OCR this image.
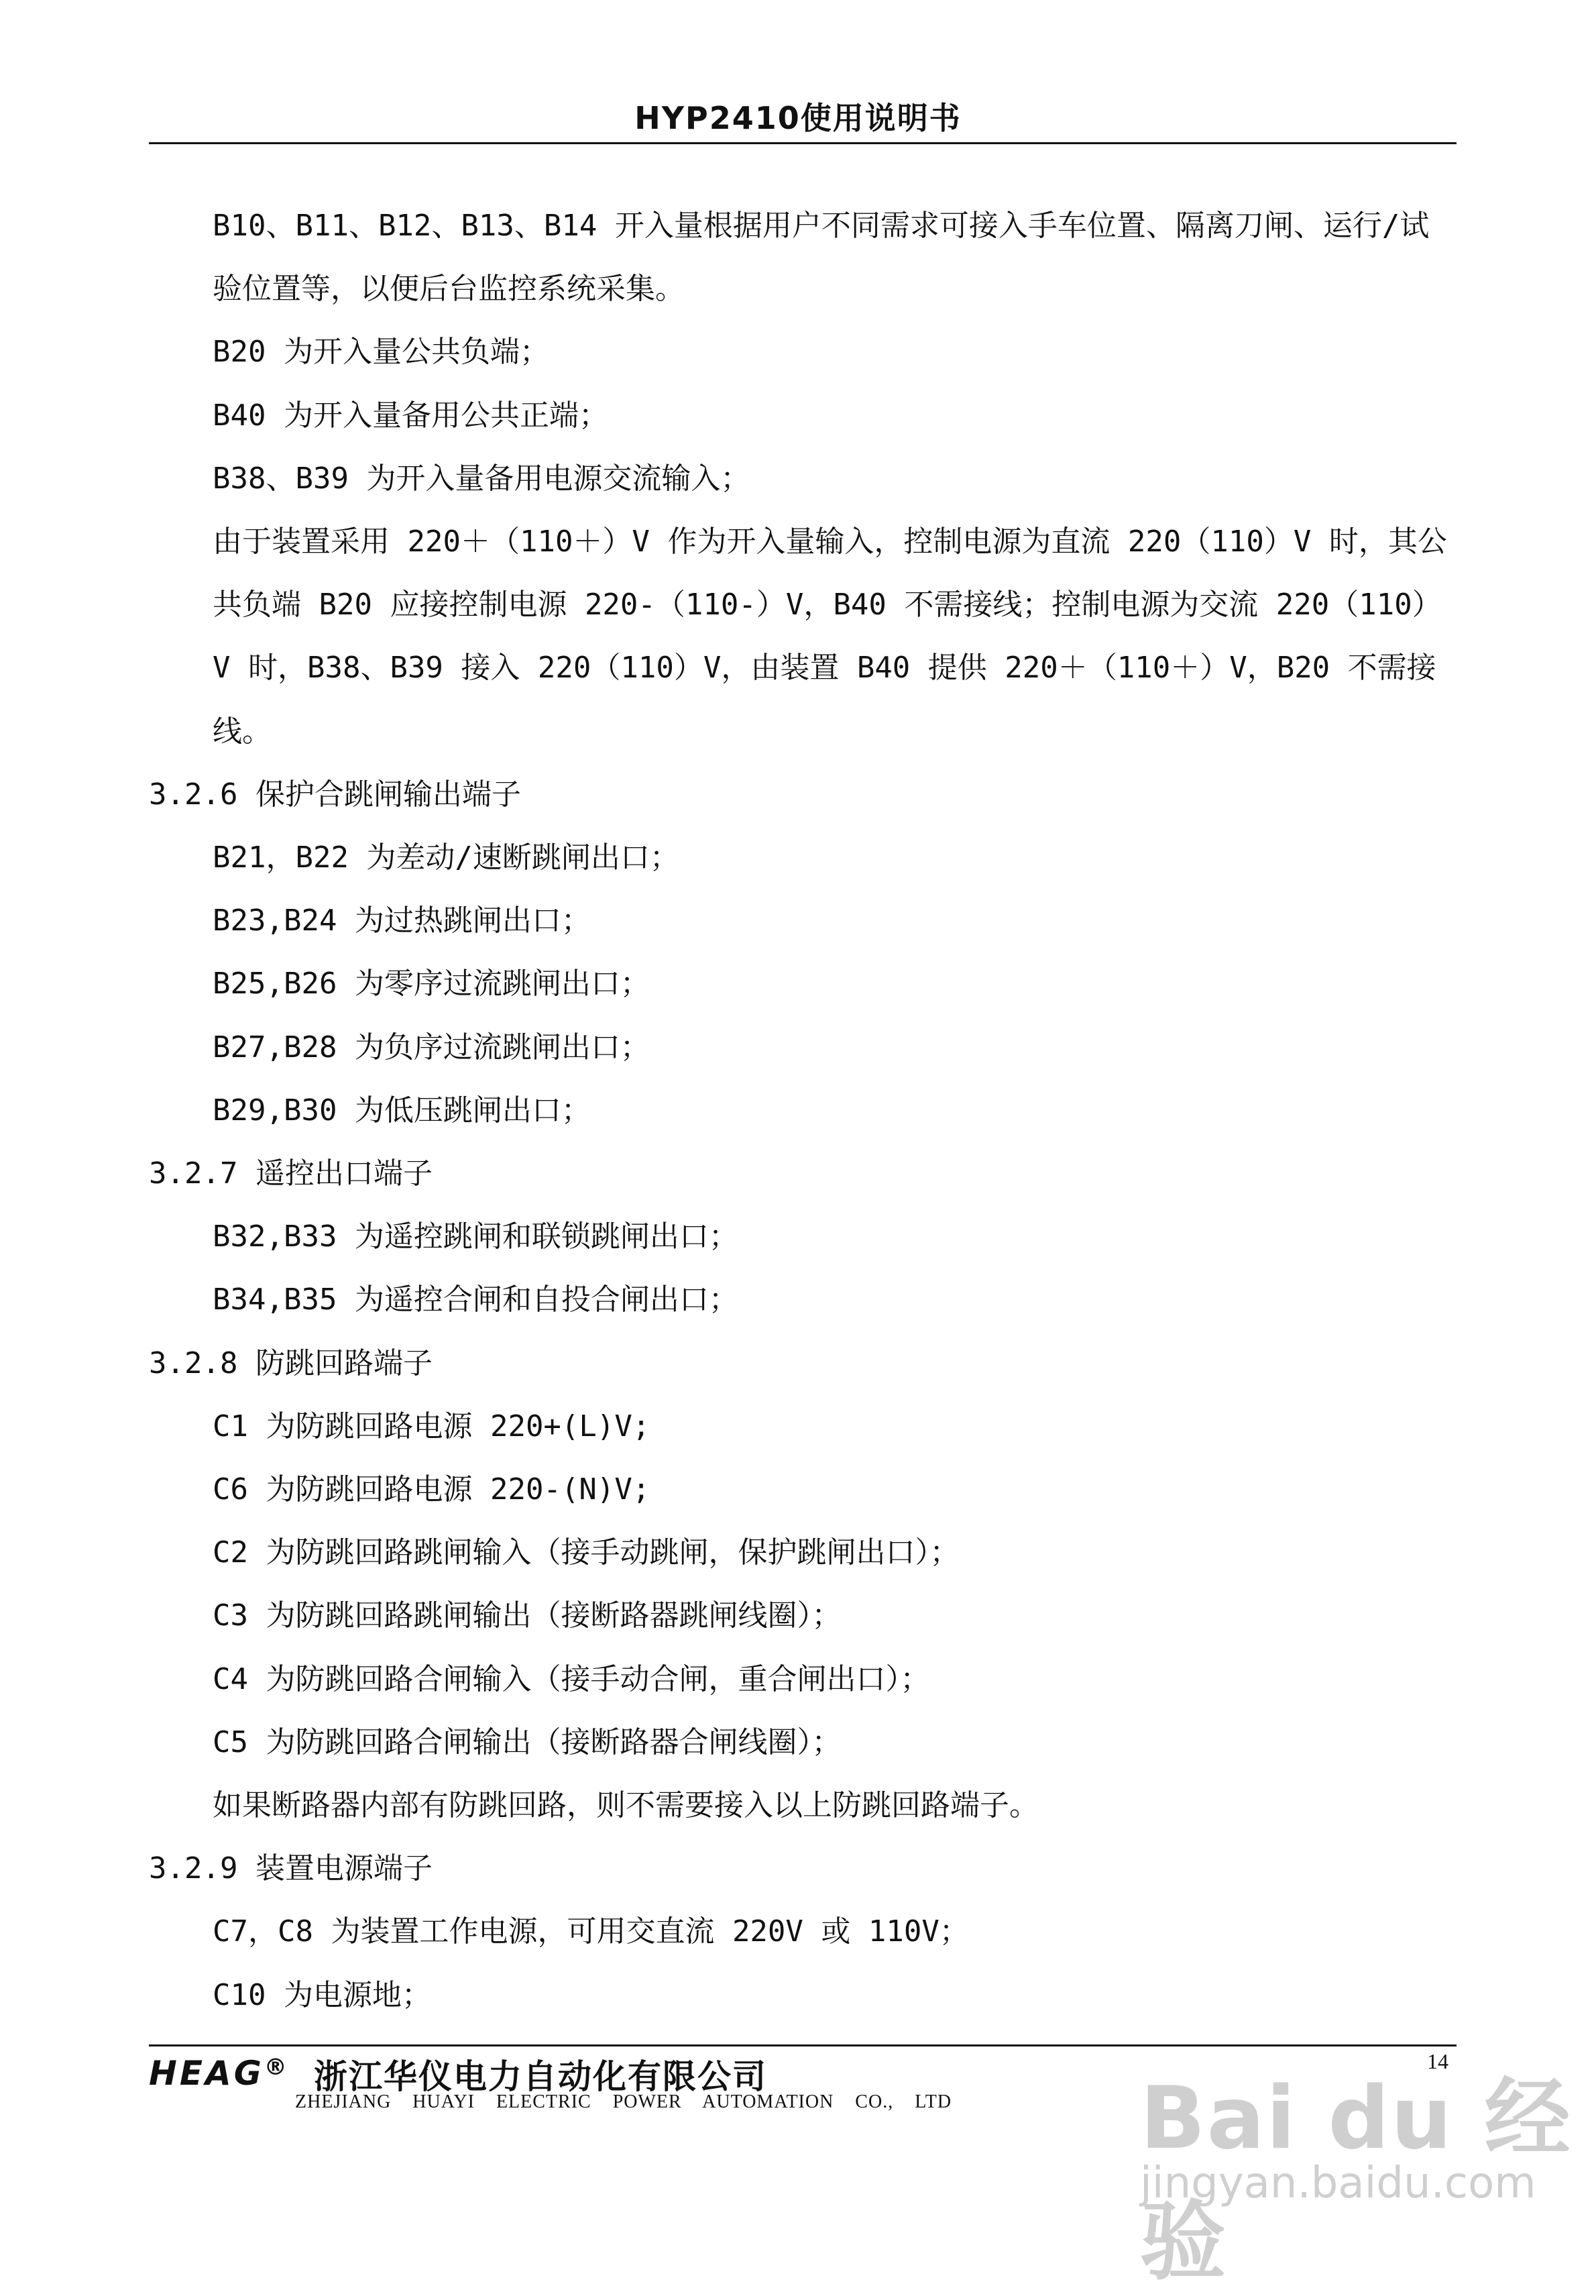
HYP2410使用说明书

B10、B11、B12、B13、B14 开入量根据用户不同需求可接入手车位置、隔离刀闸、运行/试验位置等，以便后台监控系统采集。

B20 为开入量公共负端；

B40 为开入量备用公共正端；

B38、B39 为开入量备用电源交流输入；

由于装置采用 220＋（110＋）V 作为开入量输入，控制电源为直流 220（110）V 时，其公共负端 B20 应接控制电源 220-（110-）V，B40 不需接线；控制电源为交流 220（110）V 时，B38、B39 接入 220（110）V，由装置 B40 提供 220＋（110＋）V，B20 不需接线。

3.2.6 保护合跳闸输出端子

B21，B22 为差动/速断跳闸出口；

B23,B24 为过热跳闸出口；

B25,B26 为零序过流跳闸出口；

B27,B28 为负序过流跳闸出口；

B29,B30 为低压跳闸出口；

3.2.7 遥控出口端子

B32,B33 为遥控跳闸和联锁跳闸出口；

B34,B35 为遥控合闸和自投合闸出口；

3.2.8 防跳回路端子

C1 为防跳回路电源 220+(L)V;

C6 为防跳回路电源 220-(N)V;

C2 为防跳回路跳闸输入（接手动跳闸，保护跳闸出口）；

C3 为防跳回路跳闸输出（接断路器跳闸线圈）；

C4 为防跳回路合闸输入（接手动合闸，重合闸出口）；

C5 为防跳回路合闸输出（接断路器合闸线圈）；

如果断路器内部有防跳回路，则不需要接入以上防跳回路端子。

3.2.9 装置电源端子

C7，C8 为装置工作电源，可用交直流 220V 或 110V；

C10 为电源地；

HEAG® 浙江华仪电力自动化有限公司
ZHEJIANG HUAYI ELECTRIC POWER AUTOMATION CO., LTD
14
Bai du 经验
jingyan.baidu.com
